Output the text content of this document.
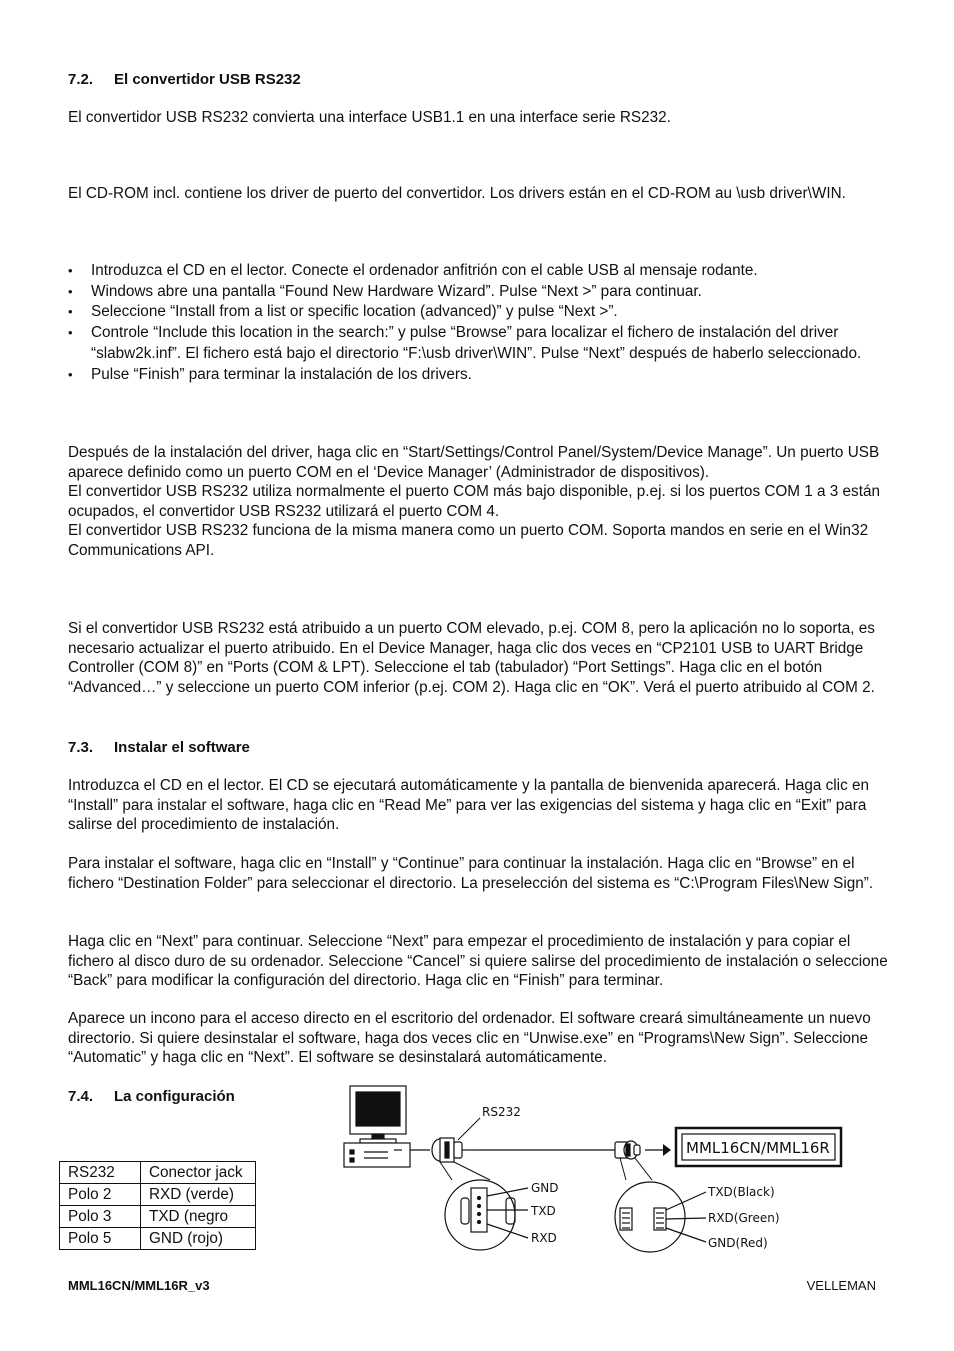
7.2. El convertidor USB RS232

El convertidor USB RS232 convierta una interface USB1.1 en una interface serie RS232.

El CD-ROM incl. contiene los driver de puerto del convertidor. Los drivers están en el CD-ROM au \usb driver\WIN.

• Introduzca el CD en el lector. Conecte el ordenador anfitrión con el cable USB al mensaje rodante.
• Windows abre una pantalla “Found New Hardware Wizard”. Pulse “Next >” para continuar.
• Seleccione “Install from a list or specific location (advanced)” y pulse “Next >”.
• Controle “Include this location in the search:” y pulse “Browse” para localizar el fichero de instalación del driver “slabw2k.inf”. El fichero está bajo el directorio “F:\usb driver\WIN”. Pulse “Next” después de haberlo seleccionado.
• Pulse “Finish” para terminar la instalación de los drivers.
Después de la instalación del driver, haga clic en “Start/Settings/Control Panel/System/Device Manage”. Un puerto USB aparece definido como un puerto COM en el ‘Device Manager’ (Administrador de dispositivos).
El convertidor USB RS232 utiliza normalmente el puerto COM más bajo disponible, p.ej. si los puertos COM 1 a 3 están ocupados, el convertidor USB RS232 utilizará el puerto COM 4.
El convertidor USB RS232 funciona de la misma manera como un puerto COM. Soporta mandos en serie en el Win32 Communications API.

Si el convertidor USB RS232 está atribuido a un puerto COM elevado, p.ej. COM 8, pero la aplicación no lo soporta, es necesario actualizar el puerto atribuido. En el Device Manager, haga clic dos veces en “CP2101 USB to UART Bridge Controller (COM 8)” en “Ports (COM & LPT). Seleccione el tab (tabulador) “Port Settings”. Haga clic en el botón “Advanced…” y seleccione un puerto COM inferior (p.ej. COM 2). Haga clic en “OK”. Verá el puerto atribuido al COM 2.

7.3. Instalar el software

Introduzca el CD en el lector. El CD se ejecutará automáticamente y la pantalla de bienvenida aparecerá. Haga clic en “Install” para instalar el software, haga clic en “Read Me” para ver las exigencias del sistema y haga clic en “Exit” para salirse del procedimiento de instalación.

Para instalar el software, haga clic en “Install” y “Continue” para continuar la instalación. Haga clic en “Browse” en el fichero “Destination Folder” para seleccionar el directorio. La preselección del sistema es “C:\Program Files\New Sign”.

Haga clic en “Next” para continuar. Seleccione “Next” para empezar el procedimiento de instalación y para copiar el fichero al disco duro de su ordenador. Seleccione “Cancel” si quiere salirse del procedimiento de instalación o seleccione “Back” para modificar la configuración del directorio. Haga clic en “Finish” para terminar.

Aparece un incono para el acceso directo en el escritorio del ordenador. El software creará simultáneamente un nuevo directorio. Si quiere desinstalar el software, haga dos veces clic en “Unwise.exe” en “Programs\New Sign”. Seleccione “Automatic” y haga clic en “Next”. El software se desinstalará automáticamente.

7.4. La configuración
RS232	Conector jack
Polo 2	RXD (verde)
Polo 3	TXD (negro
Polo 5	GND (rojo)
RS232
MML16CN/MML16R
GND
TXD
RXD
TXD(Black)
RXD(Green)
GND(Red)
MML16CN/MML16R_v3	VELLEMAN
